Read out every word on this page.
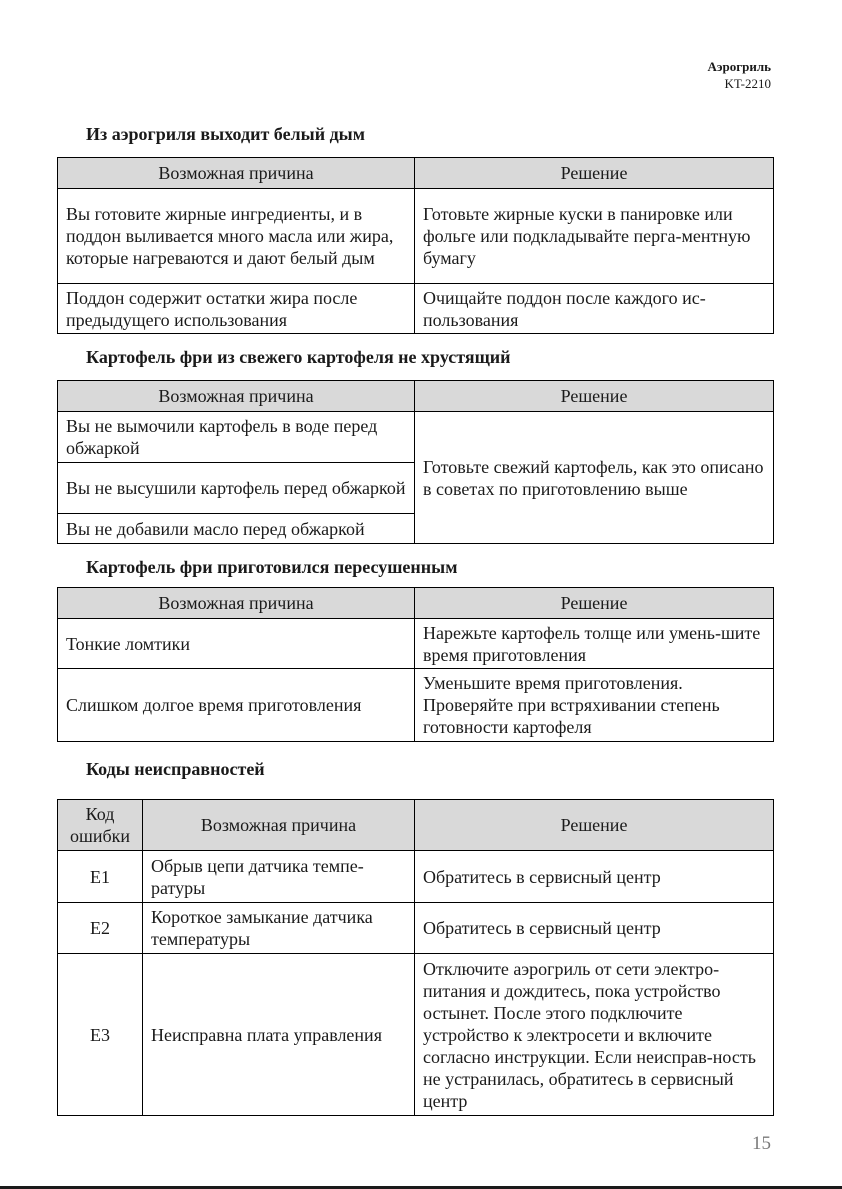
Аэрогриль
KT-2210
Из аэрогриля выходит белый дым
Возможная причина	Решение
Вы готовите жирные ингредиенты, и в поддон выливается много масла или жира, которые нагреваются и дают белый дым	Готовьте жирные куски в панировке или фольге или подкладывайте перга-ментную бумагу
Поддон содержит остатки жира после предыдущего использования	Очищайте поддон после каждого ис-пользования
Картофель фри из свежего картофеля не хрустящий
Возможная причина	Решение
Вы не вымочили картофель в воде перед обжаркой	Готовьте свежий картофель, как это описано в советах по приготовлению выше
Вы не высушили картофель перед обжаркой	
Вы не добавили масло перед обжаркой	
Картофель фри приготовился пересушенным
Возможная причина	Решение
Тонкие ломтики	Нарежьте картофель толще или умень-шите время приготовления
Слишком долгое время приготовления	Уменьшите время приготовления. Проверяйте при встряхивании степень готовности картофеля
Коды неисправностей
Код ошибки	Возможная причина	Решение
E1	Обрыв цепи датчика темпе-ратуры	Обратитесь в сервисный центр
E2	Короткое замыкание датчика температуры	Обратитесь в сервисный центр
E3	Неисправна плата управления	Отключите аэрогриль от сети электро-питания и дождитесь, пока устройство остынет. После этого подключите устройство к электросети и включите согласно инструкции. Если неисправ-ность не устранилась, обратитесь в сервисный центр
15
